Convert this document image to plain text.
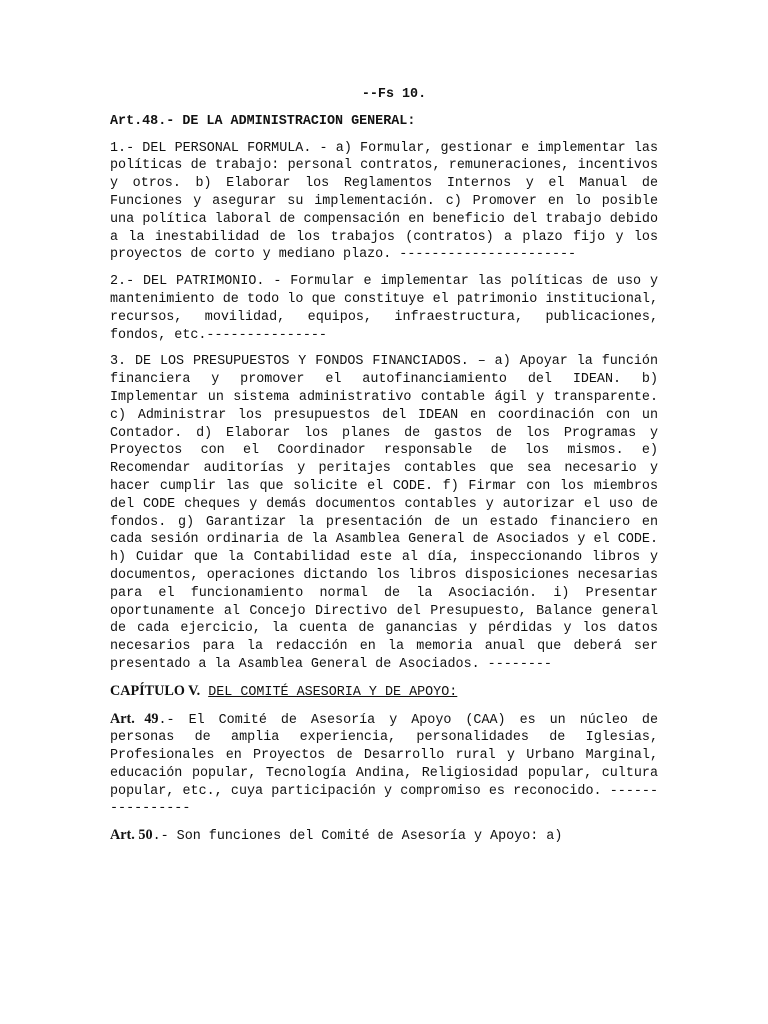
--Fs 10.

Art.48.- DE LA ADMINISTRACION GENERAL:

1.- DEL PERSONAL FORMULA. - a) Formular, gestionar e implementar las políticas de trabajo: personal contratos, remuneraciones, incentivos y otros. b) Elaborar los Reglamentos Internos y el Manual de Funciones y asegurar su implementación. c) Promover en lo posible una política laboral de compensación en beneficio del trabajo debido a la inestabilidad de los trabajos (contratos) a plazo fijo y los proyectos de corto y mediano plazo. ----------------------

2.- DEL PATRIMONIO. - Formular e implementar las políticas de uso y mantenimiento de todo lo que constituye el patrimonio institucional, recursos, movilidad, equipos, infraestructura, publicaciones, fondos, etc.---------------

3. DE LOS PRESUPUESTOS Y FONDOS FINANCIADOS. – a) Apoyar la función financiera y promover el autofinanciamiento del IDEAN. b) Implementar un sistema administrativo contable ágil y transparente. c) Administrar los presupuestos del IDEAN en coordinación con un Contador. d) Elaborar los planes de gastos de los Programas y Proyectos con el Coordinador responsable de los mismos. e) Recomendar auditorías y peritajes contables que sea necesario y hacer cumplir las que solicite el CODE. f) Firmar con los miembros del CODE cheques y demás documentos contables y autorizar el uso de fondos. g) Garantizar la presentación de un estado financiero en cada sesión ordinaria de la Asamblea General de Asociados y el CODE. h) Cuidar que la Contabilidad este al día, inspeccionando libros y documentos, operaciones dictando los libros disposiciones necesarias para el funcionamiento normal de la Asociación. i) Presentar oportunamente al Concejo Directivo del Presupuesto, Balance general de cada ejercicio, la cuenta de ganancias y pérdidas y los datos necesarios para la redacción en la memoria anual que deberá ser presentado a la Asamblea General de Asociados. --------

CAPÍTULO V. DEL COMITÉ ASESORIA Y DE APOYO:

Art. 49.- El Comité de Asesoría y Apoyo (CAA) es un núcleo de personas de amplia experiencia, personalidades de Iglesias, Profesionales en Proyectos de Desarrollo rural y Urbano Marginal, educación popular, Tecnología Andina, Religiosidad popular, cultura popular, etc., cuya participación y compromiso es reconocido. ----------------

Art. 50.- Son funciones del Comité de Asesoría y Apoyo: a)
